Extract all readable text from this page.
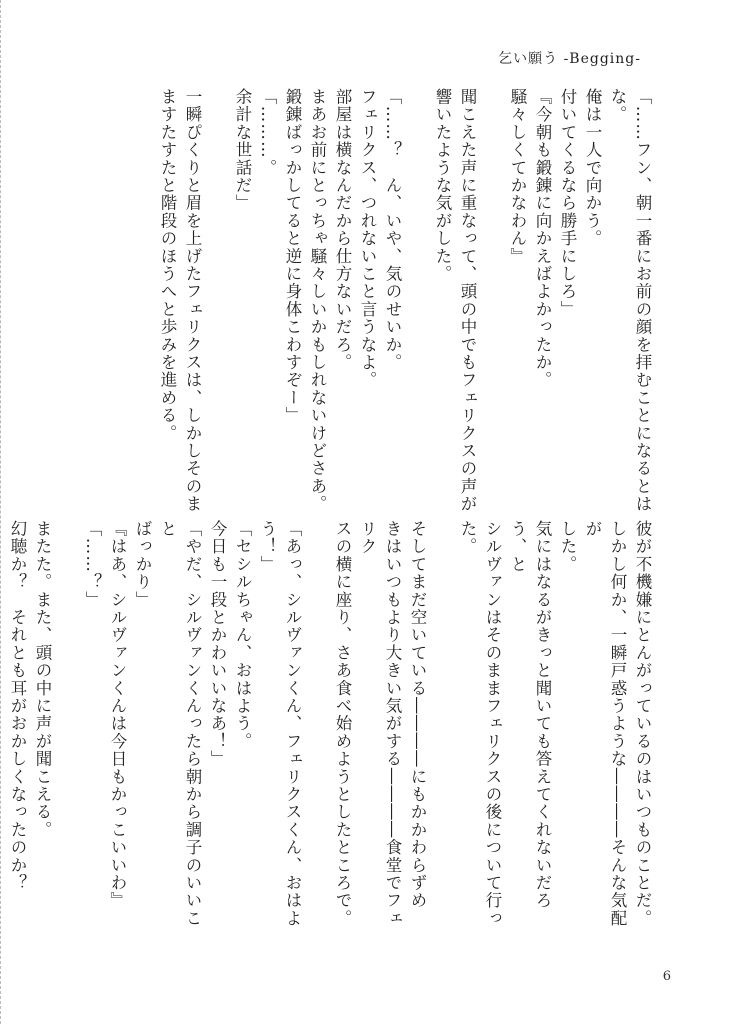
乞い願う -Begging-
「……フン、朝一番にお前の顔を拝むことになるとは
な。
俺は一人で向かう。
付いてくるなら勝手にしろ」
『今朝も鍛錬に向かえばよかったか。
騒々しくてかなわん』
聞こえた声に重なって、頭の中でもフェリクスの声が
響いたような気がした。
「……？　ん、いや、気のせいか。
フェリクス、つれないこと言うなよ。
部屋は横なんだから仕方ないだろ。
まあお前にとっちゃ騒々しいかもしれないけどさあ。
鍛錬ばっかしてると逆に身体こわすぞー」
「………。
余計な世話だ」
一瞬ぴくりと眉を上げたフェリクスは、しかしそのま
ますたすたと階段のほうへと歩みを進める。
彼が不機嫌にとんがっているのはいつものことだ。
しかし何か、一瞬戸惑うような――――そんな気配が
した。
気にはなるがきっと聞いても答えてくれないだろう、と
シルヴァンはそのままフェリクスの後について行った。
そしてまだ空いている――――にもかかわらずめ
きはいつもより大きい気がする――――食堂でフェリク
スの横に座り、さあ食べ始めようとしたところで。
「あっ、シルヴァンくん、フェリクスくん、おはよう！」
「セシルちゃん、おはよう。
今日も一段とかわいいなあ！」
「やだ、シルヴァンくんったら朝から調子のいいこと
ばっかり」
『はあ、シルヴァンくんは今日もかっこいいわ』
「……？」
またた。また、頭の中に声が聞こえる。
幻聴か？　それとも耳がおかしくなったのか？
6
